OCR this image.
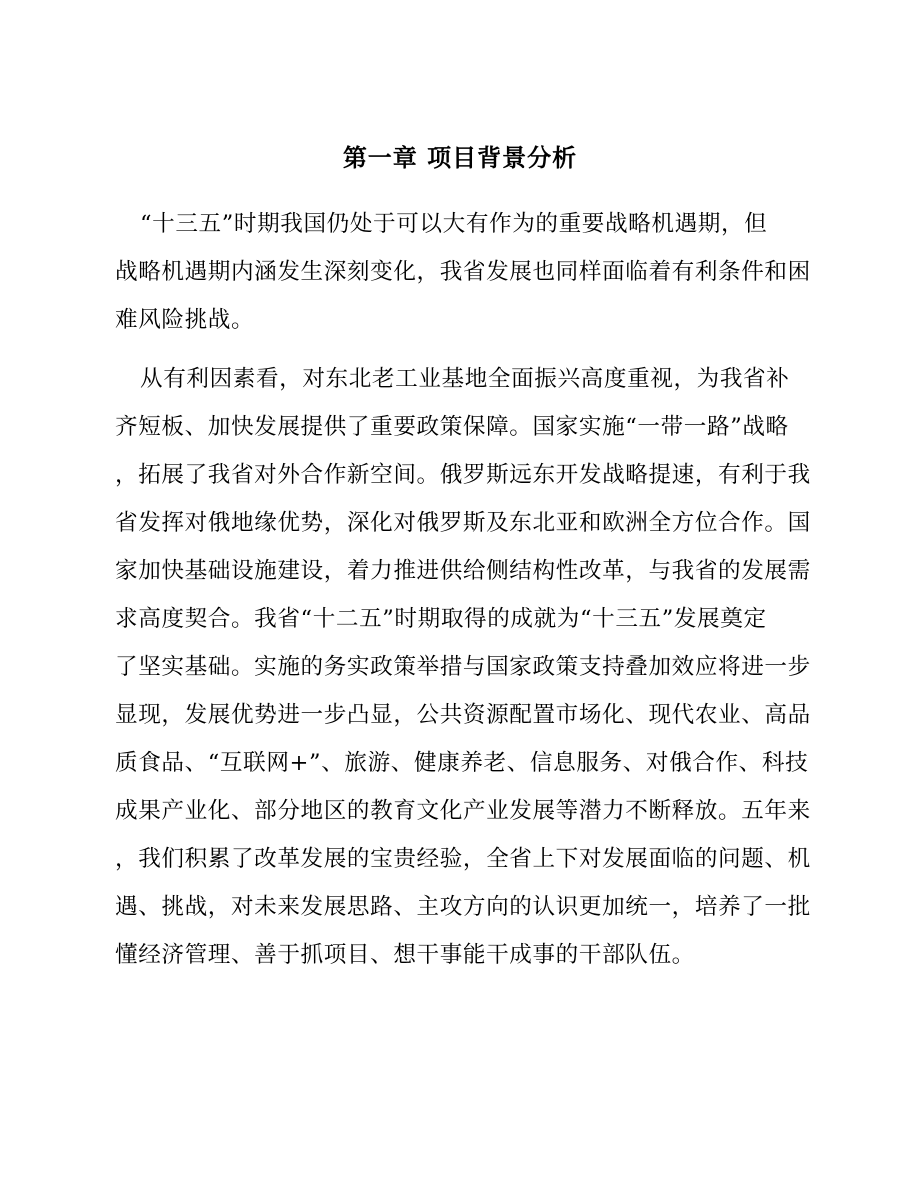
第一章 项目背景分析
“十三五”时期我国仍处于可以大有作为的重要战略机遇期，但
战略机遇期内涵发生深刻变化，我省发展也同样面临着有利条件和困
难风险挑战。
从有利因素看，对东北老工业基地全面振兴高度重视，为我省补
齐短板、加快发展提供了重要政策保障。国家实施“一带一路”战略
，拓展了我省对外合作新空间。俄罗斯远东开发战略提速，有利于我
省发挥对俄地缘优势，深化对俄罗斯及东北亚和欧洲全方位合作。国
家加快基础设施建设，着力推进供给侧结构性改革，与我省的发展需
求高度契合。我省“十二五”时期取得的成就为“十三五”发展奠定
了坚实基础。实施的务实政策举措与国家政策支持叠加效应将进一步
显现，发展优势进一步凸显，公共资源配置市场化、现代农业、高品
质食品、“互联网+”、旅游、健康养老、信息服务、对俄合作、科技
成果产业化、部分地区的教育文化产业发展等潜力不断释放。五年来
，我们积累了改革发展的宝贵经验，全省上下对发展面临的问题、机
遇、挑战，对未来发展思路、主攻方向的认识更加统一，培养了一批
懂经济管理、善于抓项目、想干事能干成事的干部队伍。
